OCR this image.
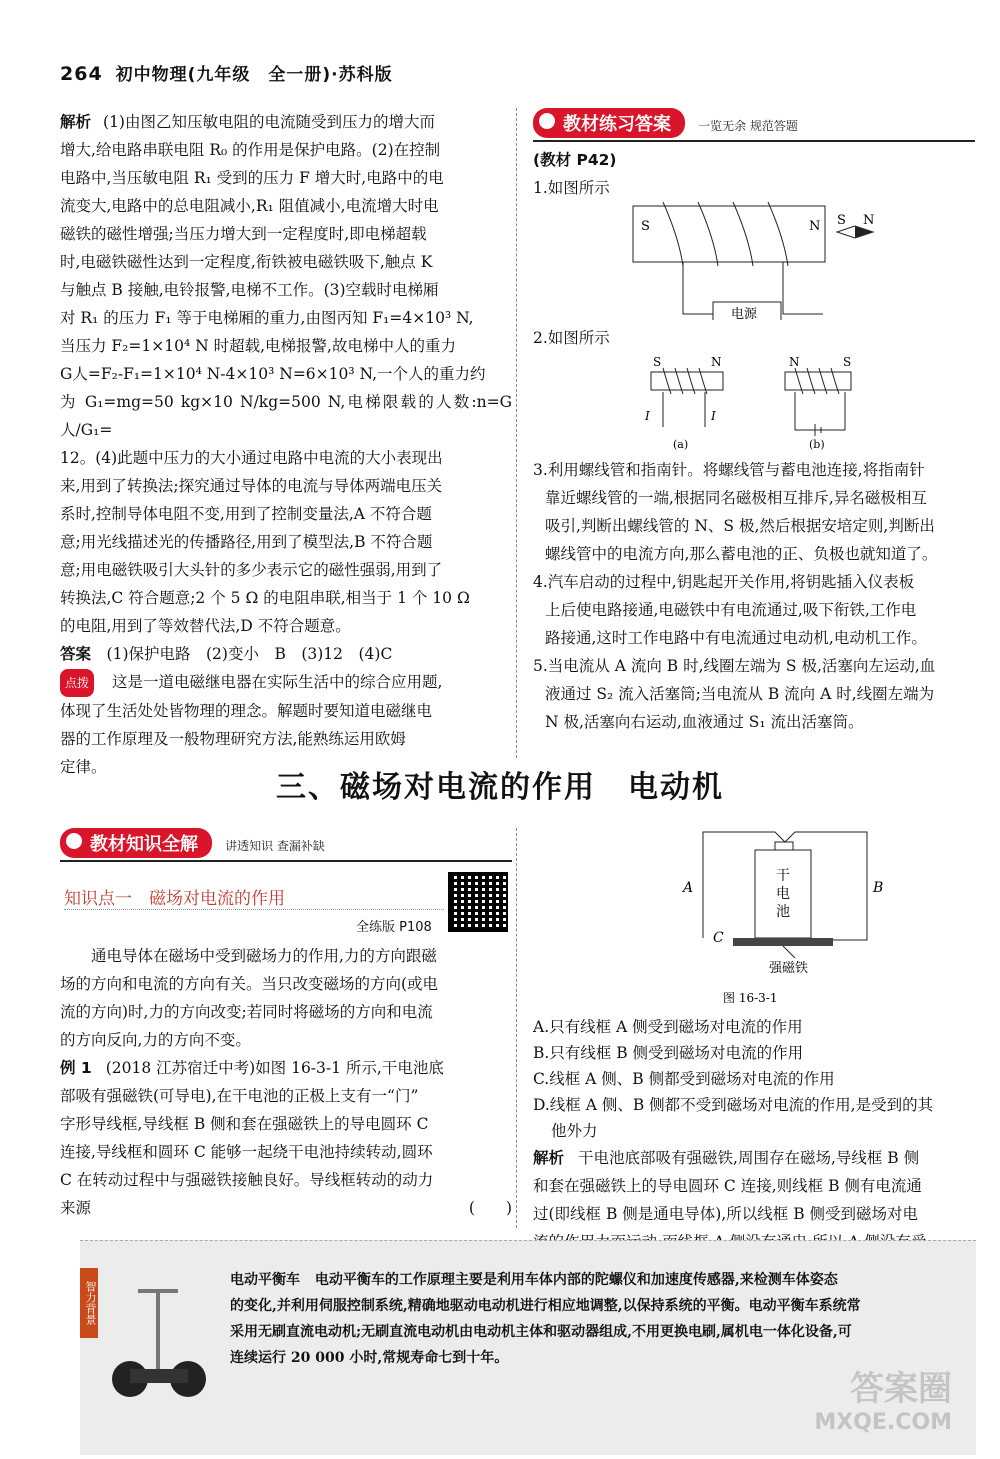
264 初中物理(九年级　全一册)·苏科版

解析 (1)由图乙知压敏电阻的电流随受到压力的增大而

增大,给电路串联电阻 R₀ 的作用是保护电路。(2)在控制

电路中,当压敏电阻 R₁ 受到的压力 F 增大时,电路中的电

流变大,电路中的总电阻减小,R₁ 阻值减小,电流增大时电

磁铁的磁性增强;当压力增大到一定程度时,即电梯超载

时,电磁铁磁性达到一定程度,衔铁被电磁铁吸下,触点 K

与触点 B 接触,电铃报警,电梯不工作。(3)空载时电梯厢

对 R₁ 的压力 F₁ 等于电梯厢的重力,由图丙知 F₁=4×10³ N,

当压力 F₂=1×10⁴ N 时超载,电梯报警,故电梯中人的重力

G人=F₂-F₁=1×10⁴ N-4×10³ N=6×10³ N,一个人的重力约

为 G₁=mg=50 kg×10 N/kg=500 N,电梯限载的人数:n=G人/G₁=

12。(4)此题中压力的大小通过电路中电流的大小表现出

来,用到了转换法;探究通过导体的电流与导体两端电压关

系时,控制导体电阻不变,用到了控制变量法,A 不符合题

意;用光线描述光的传播路径,用到了模型法,B 不符合题

意;用电磁铁吸引大头针的多少表示它的磁性强弱,用到了

转换法,C 符合题意;2 个 5 Ω 的电阻串联,相当于 1 个 10 Ω

的电阻,用到了等效替代法,D 不符合题意。

答案　 (1)保护电路　(2)变小　B　(3)12　(4)C

点拨 这是一道电磁继电器在实际生活中的综合应用题,

体现了生活处处皆物理的理念。解题时要知道电磁继电

器的工作原理及一般物理研究方法,能熟练运用欧姆

定律。

教材练习答案 一览无余 规范答题

(教材 P42)

1.如图所示

S	N
电源
S N

2.如图所示

S	N
I	I
(a)
N	S
(b)

3.利用螺线管和指南针。将螺线管与蓄电池连接,将指南针

靠近螺线管的一端,根据同名磁极相互排斥,异名磁极相互

吸引,判断出螺线管的 N、S 极,然后根据安培定则,判断出

螺线管中的电流方向,那么蓄电池的正、负极也就知道了。

4.汽车启动的过程中,钥匙起开关作用,将钥匙插入仪表板

上后使电路接通,电磁铁中有电流通过,吸下衔铁,工作电

路接通,这时工作电路中有电流通过电动机,电动机工作。

5.当电流从 A 流向 B 时,线圈左端为 S 极,活塞向左运动,血

液通过 S₂ 流入活塞筒;当电流从 B 流向 A 时,线圈左端为

N 极,活塞向右运动,血液通过 S₁ 流出活塞筒。

三、磁场对电流的作用　电动机
教材知识全解 讲透知识 查漏补缺
知识点一　磁场对电流的作用
全练版 P108

通电导体在磁场中受到磁场力的作用,力的方向跟磁

场的方向和电流的方向有关。当只改变磁场的方向(或电

流的方向)时,力的方向改变;若同时将磁场的方向和电流

的方向反向,力的方向不变。

例 1 (2018 江苏宿迁中考)如图 16-3-1 所示,干电池底

部吸有强磁铁(可导电),在干电池的正极上支有一“门”

字形导线框,导线框 B 侧和套在强磁铁上的导电圆环 C

连接,导线框和圆环 C 能够一起绕干电池持续转动,圆环

C 在转动过程中与强磁铁接触良好。导线框转动的动力

来源	(　　)

干
电
池
A	B
C
强磁铁
图 16-3-1

A.只有线框 A 侧受到磁场对电流的作用

B.只有线框 B 侧受到磁场对电流的作用

C.线框 A 侧、B 侧都受到磁场对电流的作用

D.线框 A 侧、B 侧都不受到磁场对电流的作用,是受到的其

他外力

解析 干电池底部吸有强磁铁,周围存在磁场,导线框 B 侧

和套在强磁铁上的导电圆环 C 连接,则线框 B 侧有电流通

过(即线框 B 侧是通电导体),所以线框 B 侧受到磁场对电

电动平衡车 电动平衡车的工作原理主要是利用车体内部的陀螺仪和加速度传感器,来检测车体姿态
的变化,并利用伺服控制系统,精确地驱动电动机进行相应地调整,以保持系统的平衡。电动平衡车系统常
采用无刷直流电动机;无刷直流电动机由电动机主体和驱动器组成,不用更换电刷,属机电一体化设备,可
连续运行 20 000 小时,常规寿命七到十年。
答案圈
MXQE.COM
智力背景
